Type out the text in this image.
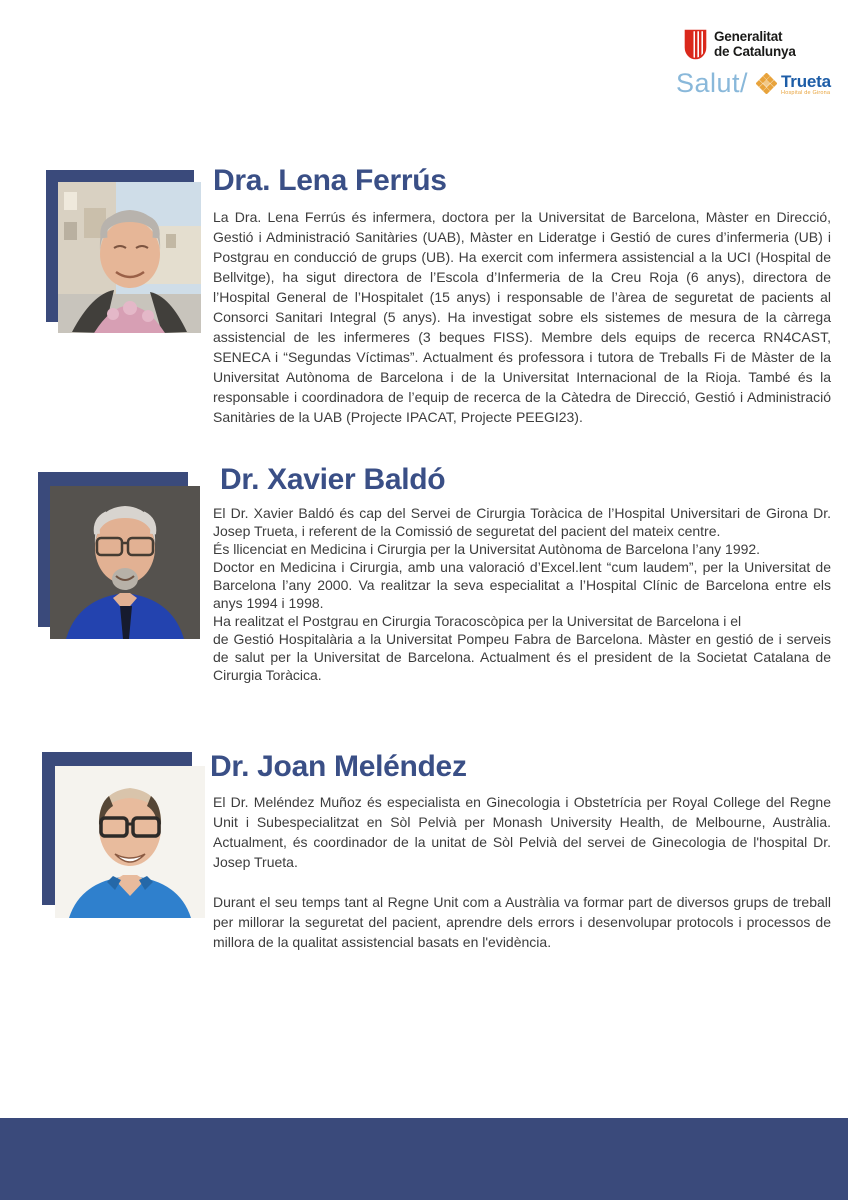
Generalitat
de Catalunya
Salut/ Trueta
Hospital de Girona
Dra. Lena Ferrús

La Dra. Lena Ferrús és infermera, doctora per la Universitat de Barcelona, Màster en Direcció, Gestió i Administració Sanitàries (UAB), Màster en Lideratge i Gestió de cures d’infermeria (UB) i Postgrau en conducció de grups (UB). Ha exercit com infermera assistencial a la UCI (Hospital de Bellvitge), ha sigut directora de l’Escola d’Infermeria de la Creu Roja (6 anys), directora de l’Hospital General de l’Hospitalet (15 anys) i responsable de l’àrea de seguretat de pacients al Consorci Sanitari Integral (5 anys). Ha investigat sobre els sistemes de mesura de la càrrega assistencial de les infermeres (3 beques FISS). Membre dels equips de recerca RN4CAST, SENECA i “Segundas Víctimas”. Actualment és professora i tutora de Treballs Fi de Màster de la Universitat Autònoma de Barcelona i de la Universitat Internacional de la Rioja. També és la responsable i coordinadora de l’equip de recerca de la Càtedra de Direcció, Gestió i Administració Sanitàries de la UAB (Projecte IPACAT, Projecte PEEGI23).

Dr. Xavier Baldó

El Dr. Xavier Baldó és cap del Servei de Cirurgia Toràcica de l’Hospital Universitari de Girona Dr. Josep Trueta, i referent de la Comissió de seguretat del pacient del mateix centre.

És llicenciat en Medicina i Cirurgia per la Universitat Autònoma de Barcelona l’any 1992.

Doctor en Medicina i Cirurgia, amb una valoració d’Excel.lent “cum laudem”, per la Universitat de Barcelona l’any 2000. Va realitzar la seva especialitat a l’Hospital Clínic de Barcelona entre els anys 1994 i 1998.

Ha realitzat el Postgrau en Cirurgia Toracoscòpica per la Universitat de Barcelona i el

de Gestió Hospitalària a la Universitat Pompeu Fabra de Barcelona. Màster en gestió de i serveis de salut per la Universitat de Barcelona. Actualment és el president de la Societat Catalana de Cirurgia Toràcica.

Dr. Joan Meléndez

El Dr. Meléndez Muñoz és especialista en Ginecologia i Obstetrícia per Royal College del Regne Unit i Subespecialitzat en Sòl Pelvià per Monash University Health, de Melbourne, Austràlia. Actualment, és coordinador de la unitat de Sòl Pelvià del servei de Ginecologia de l'hospital Dr. Josep Trueta.

Durant el seu temps tant al Regne Unit com a Austràlia va formar part de diversos grups de treball per millorar la seguretat del pacient, aprendre dels errors i desenvolupar protocols i processos de millora de la qualitat assistencial basats en l'evidència.
